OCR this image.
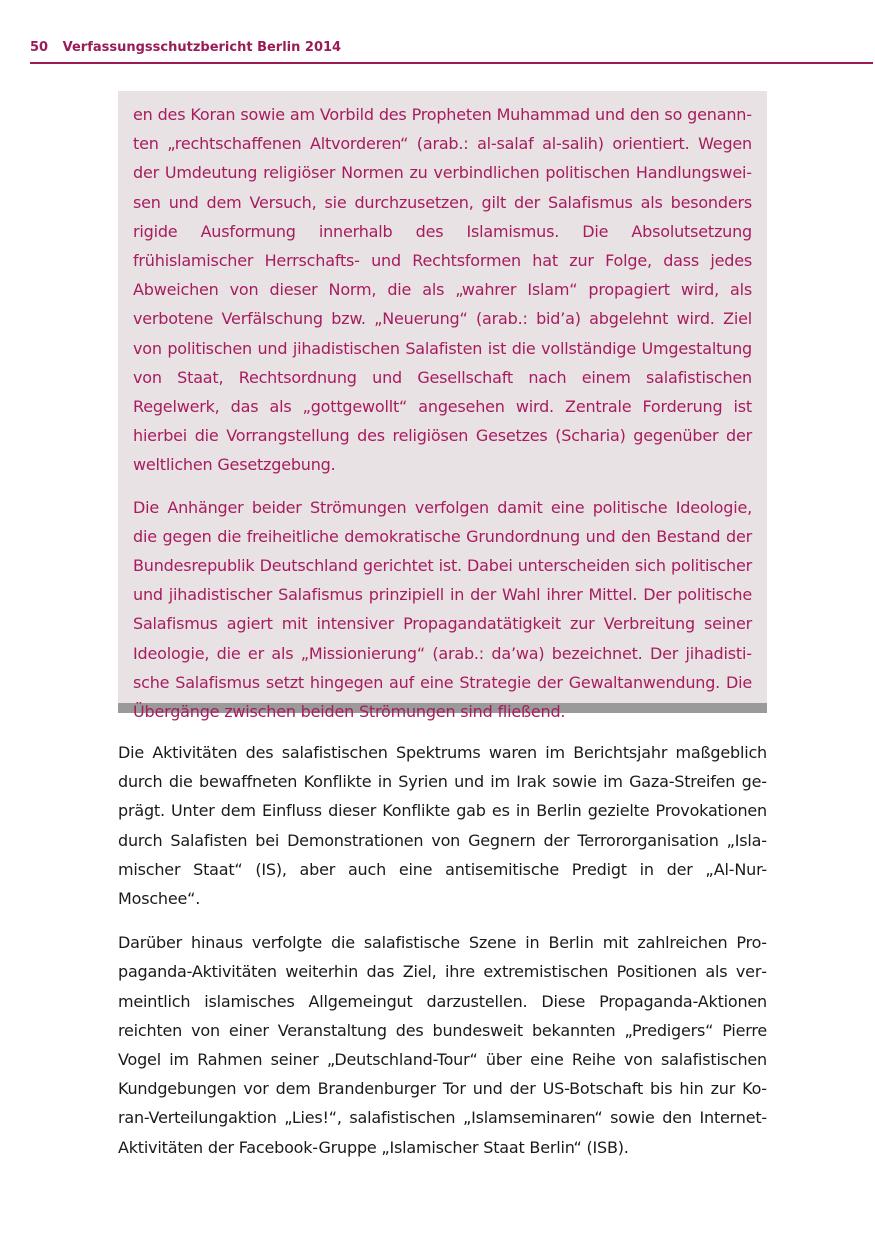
50 Verfassungsschutzbericht Berlin 2014

en des Koran sowie am Vorbild des Propheten Muhammad und den so genannten „rechtschaffenen Altvorderen“ (arab.: al-salaf al-salih) orientiert. Wegen der Umdeutung religiöser Normen zu verbindlichen politischen Handlungsweisen und dem Versuch, sie durchzusetzen, gilt der Salafismus als besonders rigide Ausformung innerhalb des Islamismus. Die Absolutsetzung frühislamischer Herrschafts- und Rechtsformen hat zur Folge, dass jedes Abweichen von dieser Norm, die als „wahrer Islam“ propagiert wird, als verbotene Verfälschung bzw. „Neuerung“ (arab.: bid’a) abgelehnt wird. Ziel von politischen und jihadistischen Salafisten ist die vollständige Umgestaltung von Staat, Rechtsordnung und Gesellschaft nach einem salafistischen Regelwerk, das als „gottgewollt“ angesehen wird. Zentrale Forderung ist hierbei die Vorrangstellung des religiösen Gesetzes (Scharia) gegenüber der weltlichen Gesetzgebung.

Die Anhänger beider Strömungen verfolgen damit eine politische Ideologie, die gegen die freiheitliche demokratische Grundordnung und den Bestand der Bundesrepublik Deutschland gerichtet ist. Dabei unterscheiden sich politischer und jihadistischer Salafismus prinzipiell in der Wahl ihrer Mittel. Der politische Salafismus agiert mit intensiver Propagandatätigkeit zur Verbreitung seiner Ideologie, die er als „Missionierung“ (arab.: da’wa) bezeichnet. Der jihadistische Salafismus setzt hingegen auf eine Strategie der Gewaltanwendung. Die Übergänge zwischen beiden Strömungen sind fließend.

Die Aktivitäten des salafistischen Spektrums waren im Berichtsjahr maßgeblich durch die bewaffneten Konflikte in Syrien und im Irak sowie im Gaza-Streifen geprägt. Unter dem Einfluss dieser Konflikte gab es in Berlin gezielte Provokationen durch Salafisten bei Demonstrationen von Gegnern der Terrororganisation „Islamischer Staat“ (IS), aber auch eine antisemitische Predigt in der „Al-Nur-Moschee“.

Darüber hinaus verfolgte die salafistische Szene in Berlin mit zahlreichen Propaganda-Aktivitäten weiterhin das Ziel, ihre extremistischen Positionen als vermeintlich islamisches Allgemeingut darzustellen. Diese Propaganda-Aktionen reichten von einer Veranstaltung des bundesweit bekannten „Predigers“ Pierre Vogel im Rahmen seiner „Deutschland-Tour“ über eine Reihe von salafistischen Kundgebungen vor dem Brandenburger Tor und der US-Botschaft bis hin zur Koran-Verteilungaktion „Lies!“, salafistischen „Islamseminaren“ sowie den Internet-Aktivitäten der Facebook-Gruppe „Islamischer Staat Berlin“ (ISB).
